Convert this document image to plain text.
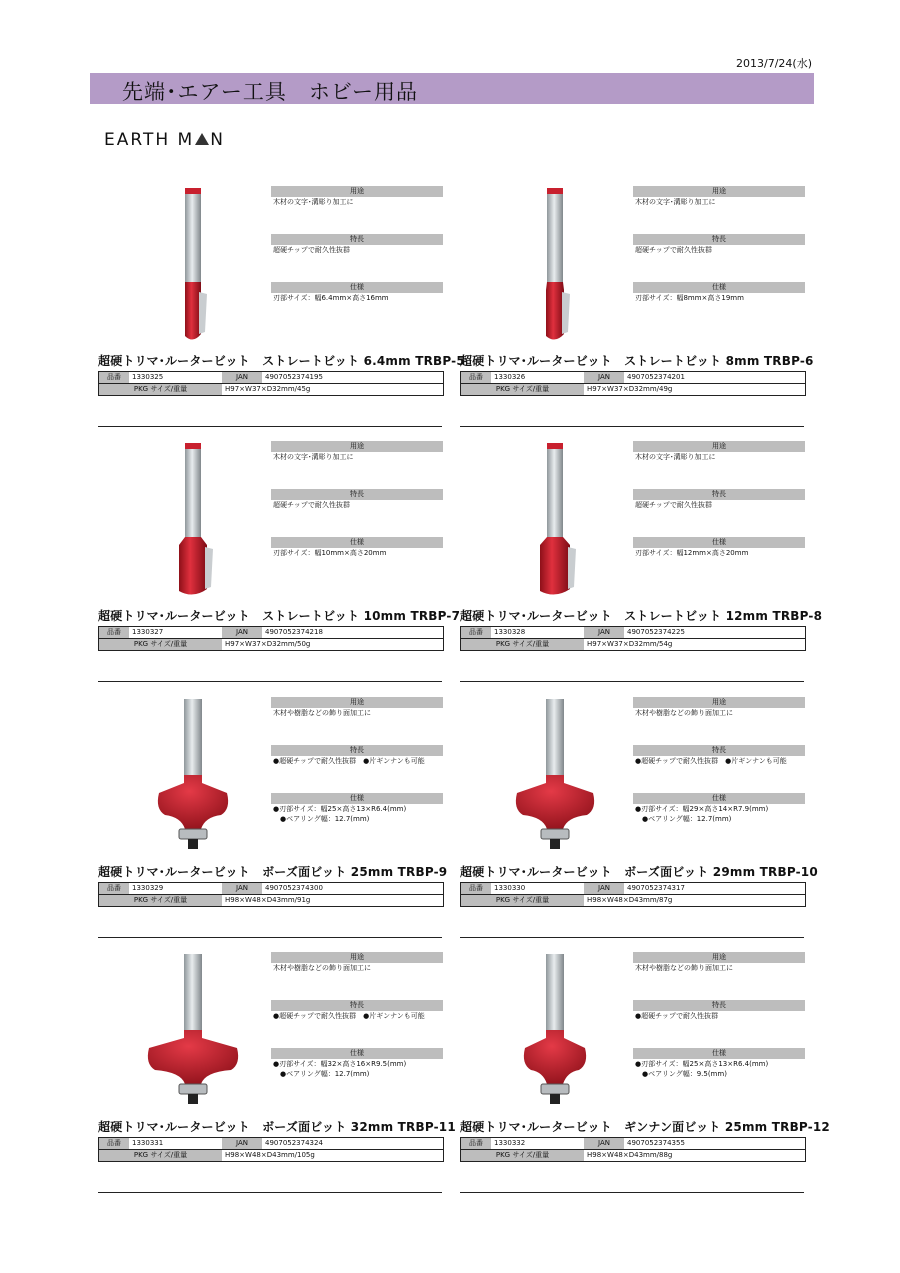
2013/7/24(水)
先端･エアー工具　ホビー用品
EARTH M N
用途
木材の文字･溝彫り加工に
特長
超硬チップで耐久性抜群
仕様
刃部サイズ：幅6.4mm×高さ16mm
超硬トリマ･ルータービット　ストレートビット 6.4mm TRBP-5
品番	1330325	JAN	4907052374195
PKG サイズ/重量	H97×W37×D32mm/45g
用途
木材の文字･溝彫り加工に
特長
超硬チップで耐久性抜群
仕様
刃部サイズ：幅8mm×高さ19mm
超硬トリマ･ルータービット　ストレートビット 8mm TRBP-6
品番	1330326	JAN	4907052374201
PKG サイズ/重量	H97×W37×D32mm/49g
用途
木材の文字･溝彫り加工に
特長
超硬チップで耐久性抜群
仕様
刃部サイズ：幅10mm×高さ20mm
超硬トリマ･ルータービット　ストレートビット 10mm TRBP-7
品番	1330327	JAN	4907052374218
PKG サイズ/重量	H97×W37×D32mm/50g
用途
木材の文字･溝彫り加工に
特長
超硬チップで耐久性抜群
仕様
刃部サイズ：幅12mm×高さ20mm
超硬トリマ･ルータービット　ストレートビット 12mm TRBP-8
品番	1330328	JAN	4907052374225
PKG サイズ/重量	H97×W37×D32mm/54g
用途
木材や樹脂などの飾り面加工に
特長
●超硬チップで耐久性抜群　●片ギンナンも可能
仕様
●刃部サイズ：幅25×高さ13×R6.4(mm)
　●ベアリング幅：12.7(mm)
超硬トリマ･ルータービット　ボーズ面ビット 25mm TRBP-9
品番	1330329	JAN	4907052374300
PKG サイズ/重量	H98×W48×D43mm/91g
用途
木材や樹脂などの飾り面加工に
特長
●超硬チップで耐久性抜群　●片ギンナンも可能
仕様
●刃部サイズ：幅29×高さ14×R7.9(mm)
　●ベアリング幅：12.7(mm)
超硬トリマ･ルータービット　ボーズ面ビット 29mm TRBP-10
品番	1330330	JAN	4907052374317
PKG サイズ/重量	H98×W48×D43mm/87g
用途
木材や樹脂などの飾り面加工に
特長
●超硬チップで耐久性抜群　●片ギンナンも可能
仕様
●刃部サイズ：幅32×高さ16×R9.5(mm)
　●ベアリング幅：12.7(mm)
超硬トリマ･ルータービット　ボーズ面ビット 32mm TRBP-11
品番	1330331	JAN	4907052374324
PKG サイズ/重量	H98×W48×D43mm/105g
用途
木材や樹脂などの飾り面加工に
特長
●超硬チップで耐久性抜群
仕様
●刃部サイズ：幅25×高さ13×R6.4(mm)
　●ベアリング幅：9.5(mm)
超硬トリマ･ルータービット　ギンナン面ビット 25mm TRBP-12
品番	1330332	JAN	4907052374355
PKG サイズ/重量	H98×W48×D43mm/88g
